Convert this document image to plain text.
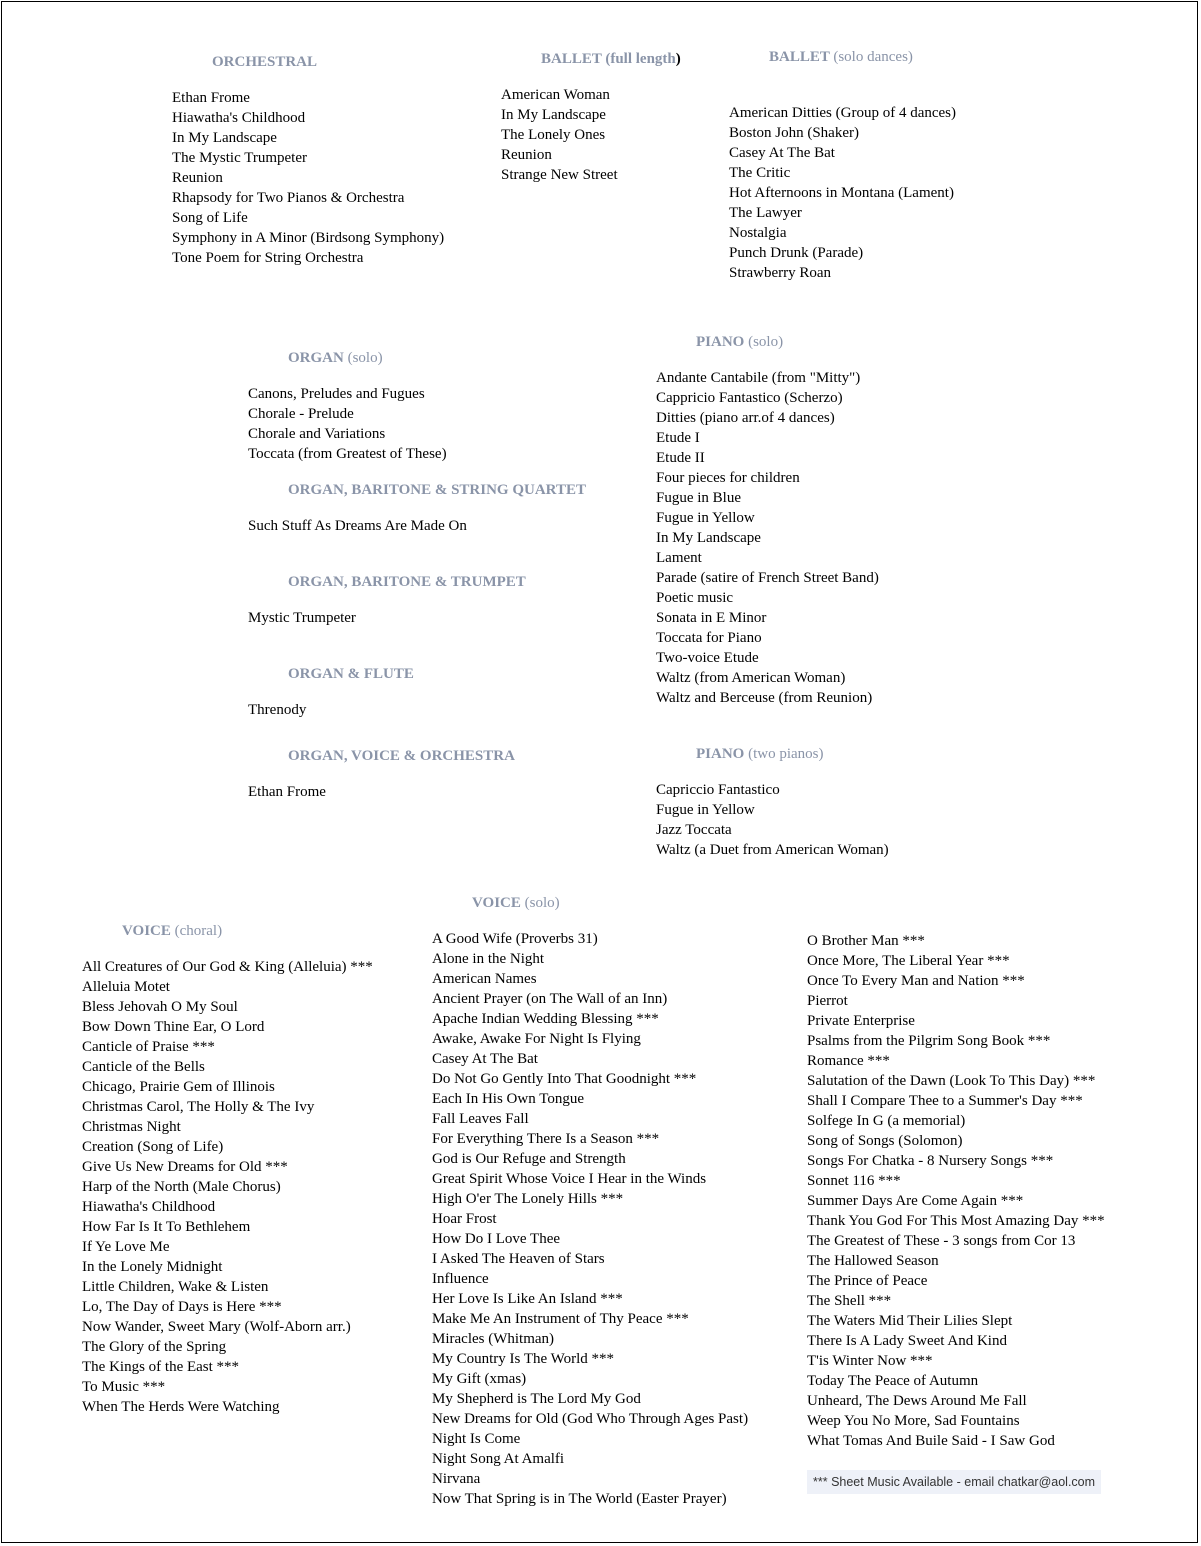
ORCHESTRAL
Ethan Frome
Hiawatha's Childhood
In My Landscape
The Mystic Trumpeter
Reunion
Rhapsody for Two Pianos & Orchestra
Song of Life
Symphony in A Minor (Birdsong Symphony)
Tone Poem for String Orchestra
BALLET (full length)
American Woman
In My Landscape
The Lonely Ones
Reunion
Strange New Street
BALLET (solo dances)
American Ditties (Group of 4 dances)
Boston John (Shaker)
Casey At The Bat
The Critic
Hot Afternoons in Montana (Lament)
The Lawyer
Nostalgia
Punch Drunk (Parade)
Strawberry Roan
ORGAN (solo)
Canons, Preludes and Fugues
Chorale - Prelude
Chorale and Variations
Toccata (from Greatest of These)
ORGAN, BARITONE & STRING QUARTET
Such Stuff As Dreams Are Made On
ORGAN, BARITONE & TRUMPET
Mystic Trumpeter
ORGAN & FLUTE
Threnody
ORGAN, VOICE & ORCHESTRA
Ethan Frome
PIANO (solo)
Andante Cantabile (from "Mitty")
Cappricio Fantastico (Scherzo)
Ditties (piano arr.of 4 dances)
Etude I
Etude II
Four pieces for children
Fugue in Blue
Fugue in Yellow
In My Landscape
Lament
Parade (satire of French Street Band)
Poetic music
Sonata in E Minor
Toccata for Piano
Two-voice Etude
Waltz (from American Woman)
Waltz and Berceuse (from Reunion)
PIANO (two pianos)
Capriccio Fantastico
Fugue in Yellow
Jazz Toccata
Waltz (a Duet from American Woman)
VOICE (choral)
All Creatures of Our God & King (Alleluia) ***
Alleluia Motet
Bless Jehovah O My Soul
Bow Down Thine Ear, O Lord
Canticle of Praise ***
Canticle of the Bells
Chicago, Prairie Gem of Illinois
Christmas Carol, The Holly & The Ivy
Christmas Night
Creation (Song of Life)
Give Us New Dreams for Old ***
Harp of the North (Male Chorus)
Hiawatha's Childhood
How Far Is It To Bethlehem
If Ye Love Me
In the Lonely Midnight
Little Children, Wake & Listen
Lo, The Day of Days is Here ***
Now Wander, Sweet Mary (Wolf-Aborn arr.)
The Glory of the Spring
The Kings of the East ***
To Music ***
When The Herds Were Watching
VOICE (solo)
A Good Wife (Proverbs 31)
Alone in the Night
American Names
Ancient Prayer (on The Wall of an Inn)
Apache Indian Wedding Blessing ***
Awake, Awake For Night Is Flying
Casey At The Bat
Do Not Go Gently Into That Goodnight ***
Each In His Own Tongue
Fall Leaves Fall
For Everything There Is a Season ***
God is Our Refuge and Strength
Great Spirit Whose Voice I Hear in the Winds
High O'er The Lonely Hills ***
Hoar Frost
How Do I Love Thee
I Asked The Heaven of Stars
Influence
Her Love Is Like An Island ***
Make Me An Instrument of Thy Peace ***
Miracles (Whitman)
My Country Is The World ***
My Gift (xmas)
My Shepherd is The Lord My God
New Dreams for Old (God Who Through Ages Past)
Night Is Come
Night Song At Amalfi
Nirvana
Now That Spring is in The World (Easter Prayer)
O Brother Man ***
Once More, The Liberal Year ***
Once To Every Man and Nation ***
Pierrot
Private Enterprise
Psalms from the Pilgrim Song Book ***
Romance ***
Salutation of the Dawn (Look To This Day) ***
Shall I Compare Thee to a Summer's Day ***
Solfege In G (a memorial)
Song of Songs (Solomon)
Songs For Chatka - 8 Nursery Songs ***
Sonnet 116 ***
Summer Days Are Come Again ***
Thank You God For This Most Amazing Day ***
The Greatest of These - 3 songs from Cor 13
The Hallowed Season
The Prince of Peace
The Shell ***
The Waters Mid Their Lilies Slept
There Is A Lady Sweet And Kind
T'is Winter Now ***
Today The Peace of Autumn
Unheard, The Dews Around Me Fall
Weep You No More, Sad Fountains
What Tomas And Buile Said - I Saw God
*** Sheet Music Available - email chatkar@aol.com
